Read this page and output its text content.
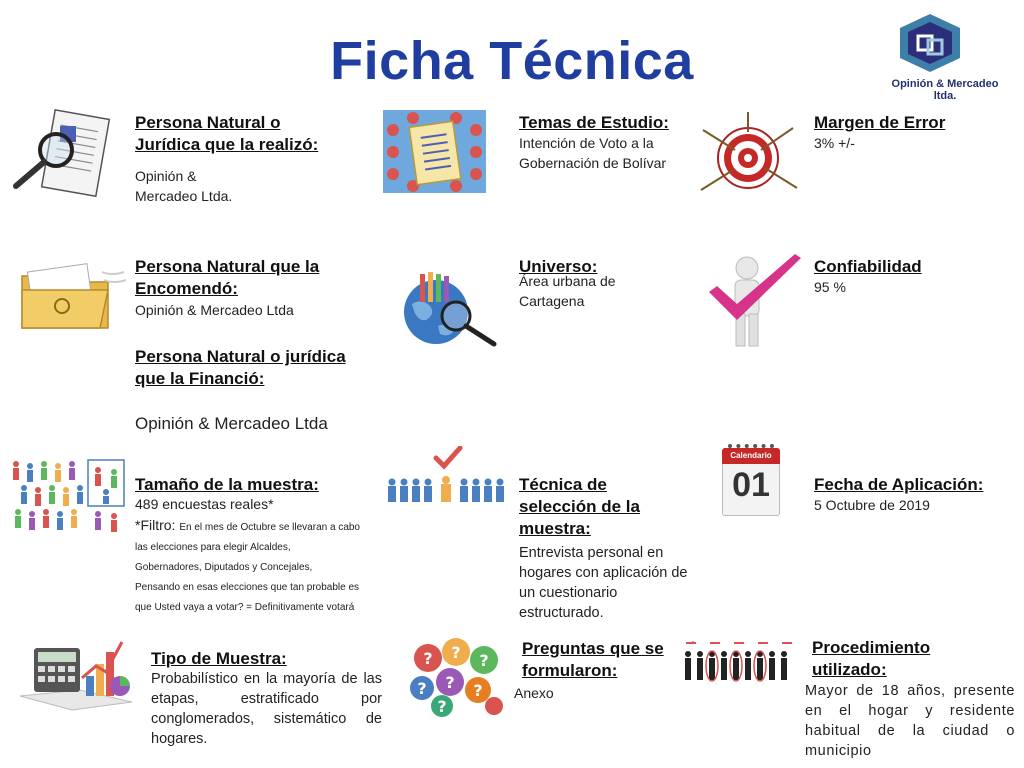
Ficha Técnica	Opinión & Mercadeo ltda.
Persona Natural o Jurídica que la realizó:
Opinión & Mercadeo Ltda.
Temas de Estudio:
Intención de Voto a la Gobernación de Bolívar
Margen de Error
3% +/-
Persona Natural que la Encomendó:
Opinión & Mercadeo Ltda
Universo:
Área urbana de Cartagena
Confiabilidad
95 %
Persona Natural o jurídica que la Financió:
Opinión & Mercadeo Ltda
Tamaño de la muestra:
489 encuestas reales*
*Filtro: En el mes de Octubre se llevaran a cabo las elecciones para elegir Alcaldes, Gobernadores, Diputados y Concejales, Pensando en esas elecciones que tan probable es que Usted vaya a votar? = Definitivamente votará
Técnica de selección de la muestra:
Entrevista personal en hogares con aplicación de un cuestionario estructurado.
Calendario
01	Fecha de Aplicación:
5 Octubre de 2019
Tipo de Muestra:
Probabilístico en la mayoría de las etapas, estratificado por conglomerados, sistemático de hogares.
? ? ?
? ? ?
?
Preguntas que se formularon:
Anexo
Procedimiento utilizado:
Mayor de 18 años, presente en el hogar y residente habitual de la ciudad o municipio
